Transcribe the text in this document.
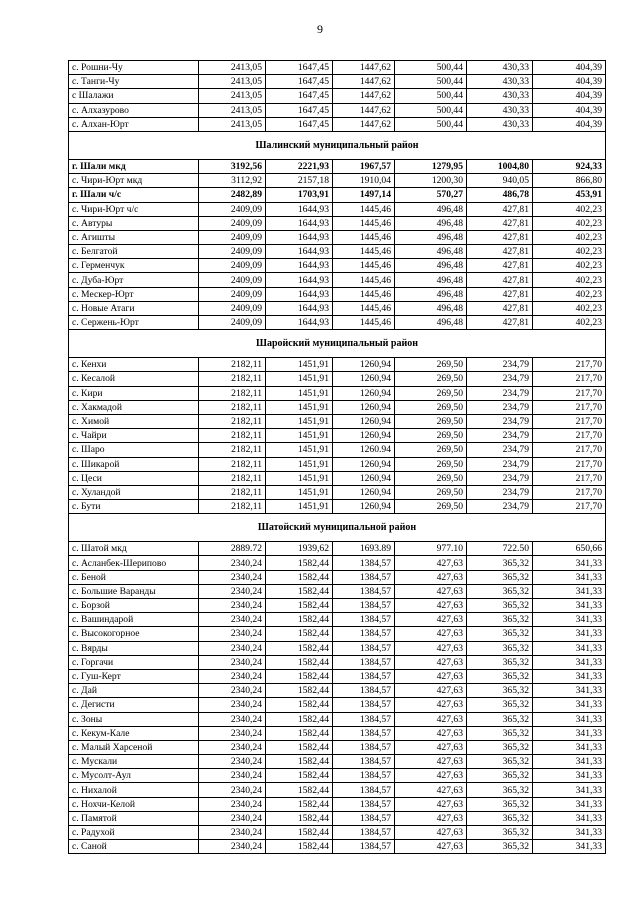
9
с. Рошни-Чу	2413,05	1647,45	1447,62	500,44	430,33	404,39
с. Танги-Чу	2413,05	1647,45	1447,62	500,44	430,33	404,39
с Шалажи	2413,05	1647,45	1447,62	500,44	430,33	404,39
с. Алхазурово	2413,05	1647,45	1447,62	500,44	430,33	404,39
с. Алхан-Юрт	2413,05	1647,45	1447,62	500,44	430,33	404,39
Шалинский муниципальный район						
г. Шали мкд	3192,56	2221,93	1967,57	1279,95	1004,80	924,33
с. Чири-Юрт мкд	3112,92	2157,18	1910,04	1200,30	940,05	866,80
г. Шали ч/с	2482,89	1703,91	1497,14	570,27	486,78	453,91
с. Чири-Юрт ч/с	2409,09	1644,93	1445,46	496,48	427,81	402,23
с. Автуры	2409,09	1644,93	1445,46	496,48	427,81	402,23
с. Агишты	2409,09	1644,93	1445,46	496,48	427,81	402,23
с. Белгатой	2409,09	1644,93	1445,46	496,48	427,81	402,23
с. Герменчук	2409,09	1644,93	1445,46	496,48	427,81	402,23
с. Дуба-Юрт	2409,09	1644,93	1445,46	496,48	427,81	402,23
с. Мескер-Юрт	2409,09	1644,93	1445,46	496,48	427,81	402,23
с. Новые Атаги	2409,09	1644,93	1445,46	496,48	427,81	402,23
с. Сержень-Юрт	2409,09	1644,93	1445,46	496,48	427,81	402,23
Шаройский муниципальный район						
с. Кенхи	2182,11	1451,91	1260,94	269,50	234,79	217,70
с. Кесалой	2182,11	1451,91	1260,94	269,50	234,79	217,70
с. Кири	2182,11	1451,91	1260,94	269,50	234,79	217,70
с. Хакмадой	2182,11	1451,91	1260,94	269,50	234,79	217,70
с. Химой	2182,11	1451,91	1260,94	269,50	234,79	217,70
с. Чайри	2182,11	1451,91	1260,94	269,50	234,79	217,70
с. Шаро	2182,11	1451,91	1260.94	269,50	234,79	217,70
с. Шикарой	2182,11	1451,91	1260,94	269,50	234,79	217,70
с. Цеси	2182,11	1451,91	1260,94	269,50	234,79	217,70
с. Хуландой	2182,11	1451,91	1260,94	269,50	234,79	217,70
с. Бути	2182,11	1451,91	1260,94	269,50	234,79	217,70
Шатойский муниципальной район						
с. Шатой мкд	2889.72	1939,62	1693.89	977.10	722.50	650,66
с. Асланбек-Шерипово	2340,24	1582,44	1384,57	427,63	365,32	341,33
с. Беной	2340,24	1582,44	1384,57	427,63	365,32	341,33
с. Большие Варанды	2340,24	1582,44	1384,57	427,63	365,32	341,33
с. Борзой	2340,24	1582,44	1384,57	427,63	365,32	341,33
с. Вашиндарой	2340,24	1582,44	1384,57	427,63	365,32	341,33
с. Высокогорное	2340,24	1582,44	1384,57	427,63	365,32	341,33
с. Вярды	2340,24	1582,44	1384,57	427,63	365,32	341,33
с. Горгачи	2340,24	1582,44	1384,57	427,63	365,32	341,33
с. Гуш-Керт	2340,24	1582,44	1384,57	427,63	365,32	341,33
с. Дай	2340,24	1582,44	1384,57	427,63	365,32	341,33
с. Дегисти	2340,24	1582,44	1384,57	427,63	365,32	341,33
с. Зоны	2340,24	1582,44	1384,57	427,63	365,32	341,33
с. Кекум-Кале	2340,24	1582,44	1384,57	427,63	365,32	341,33
с. Малый Харсеной	2340,24	1582,44	1384,57	427,63	365,32	341,33
с. Мускали	2340,24	1582,44	1384,57	427,63	365,32	341,33
с. Мусолт-Аул	2340,24	1582,44	1384,57	427,63	365,32	341,33
с. Нихалой	2340,24	1582,44	1384,57	427,63	365,32	341,33
с. Нохчи-Келой	2340,24	1582,44	1384,57	427,63	365,32	341,33
с. Памятой	2340,24	1582,44	1384,57	427,63	365,32	341,33
с. Радухой	2340,24	1582,44	1384,57	427,63	365,32	341,33
с. Саной	2340,24	1582,44	1384,57	427,63	365,32	341,33
